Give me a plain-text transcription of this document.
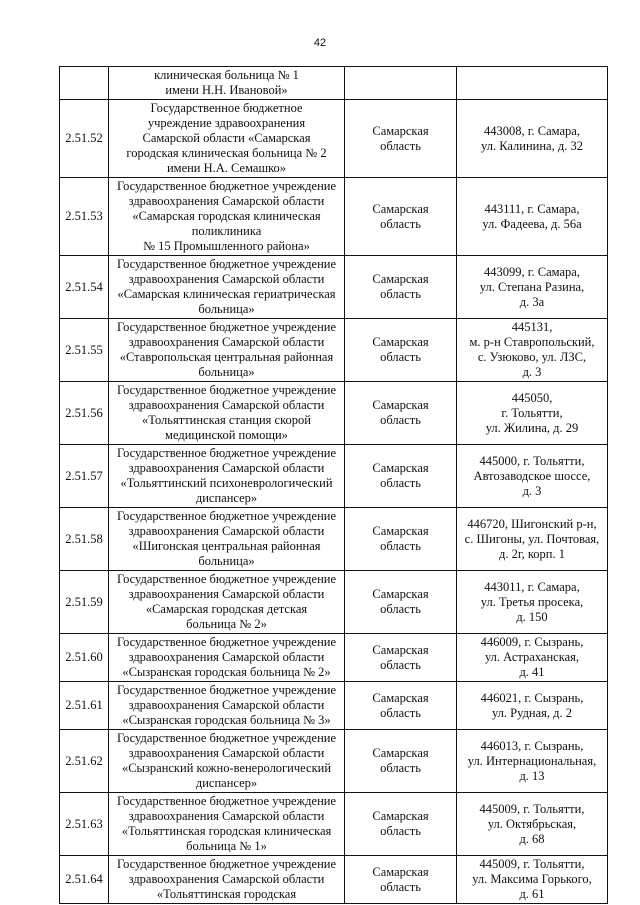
42
	клиническая больница № 1
имени Н.Н. Ивановой»		
2.51.52	Государственное бюджетное
учреждение здравоохранения
Самарской области «Самарская
городская клиническая больница № 2
имени Н.А. Семашко»	Самарская
область	443008, г. Самара,
ул. Калинина, д. 32
2.51.53	Государственное бюджетное учреждение
здравоохранения Самарской области
«Самарская городская клиническая
поликлиника
№ 15 Промышленного района»	Самарская
область	443111, г. Самара,
ул. Фадеева, д. 56а
2.51.54	Государственное бюджетное учреждение
здравоохранения Самарской области
«Самарская клиническая гериатрическая
больница»	Самарская
область	443099, г. Самара,
ул. Степана Разина,
д. 3а
2.51.55	Государственное бюджетное учреждение
здравоохранения Самарской области
«Ставропольская центральная районная
больница»	Самарская
область	445131,
м. р-н Ставропольский,
с. Узюково, ул. ЛЗС,
д. 3
2.51.56	Государственное бюджетное учреждение
здравоохранения Самарской области
«Тольяттинская станция скорой
медицинской помощи»	Самарская
область	445050,
г. Тольятти,
ул. Жилина, д. 29
2.51.57	Государственное бюджетное учреждение
здравоохранения Самарской области
«Тольяттинский психоневрологический
диспансер»	Самарская
область	445000, г. Тольятти,
Автозаводское шоссе,
д. 3
2.51.58	Государственное бюджетное учреждение
здравоохранения Самарской области
«Шигонская центральная районная
больница»	Самарская
область	446720, Шигонский р-н,
с. Шигоны, ул. Почтовая,
д. 2г, корп. 1
2.51.59	Государственное бюджетное учреждение
здравоохранения Самарской области
«Самарская городская детская
больница № 2»	Самарская
область	443011, г. Самара,
ул. Третья просека,
д. 150
2.51.60	Государственное бюджетное учреждение
здравоохранения Самарской области
«Сызранская городская больница № 2»	Самарская
область	446009, г. Сызрань,
ул. Астраханская,
д. 41
2.51.61	Государственное бюджетное учреждение
здравоохранения Самарской области
«Сызранская городская больница № 3»	Самарская
область	446021, г. Сызрань,
ул. Рудная, д. 2
2.51.62	Государственное бюджетное учреждение
здравоохранения Самарской области
«Сызранский кожно-венерологический
диспансер»	Самарская
область	446013, г. Сызрань,
ул. Интернациональная,
д. 13
2.51.63	Государственное бюджетное учреждение
здравоохранения Самарской области
«Тольяттинская городская клиническая
больница № 1»	Самарская
область	445009, г. Тольятти,
ул. Октябрьская,
д. 68
2.51.64	Государственное бюджетное учреждение
здравоохранения Самарской области
«Тольяттинская городская	Самарская
область	445009, г. Тольятти,
ул. Максима Горького,
д. 61
